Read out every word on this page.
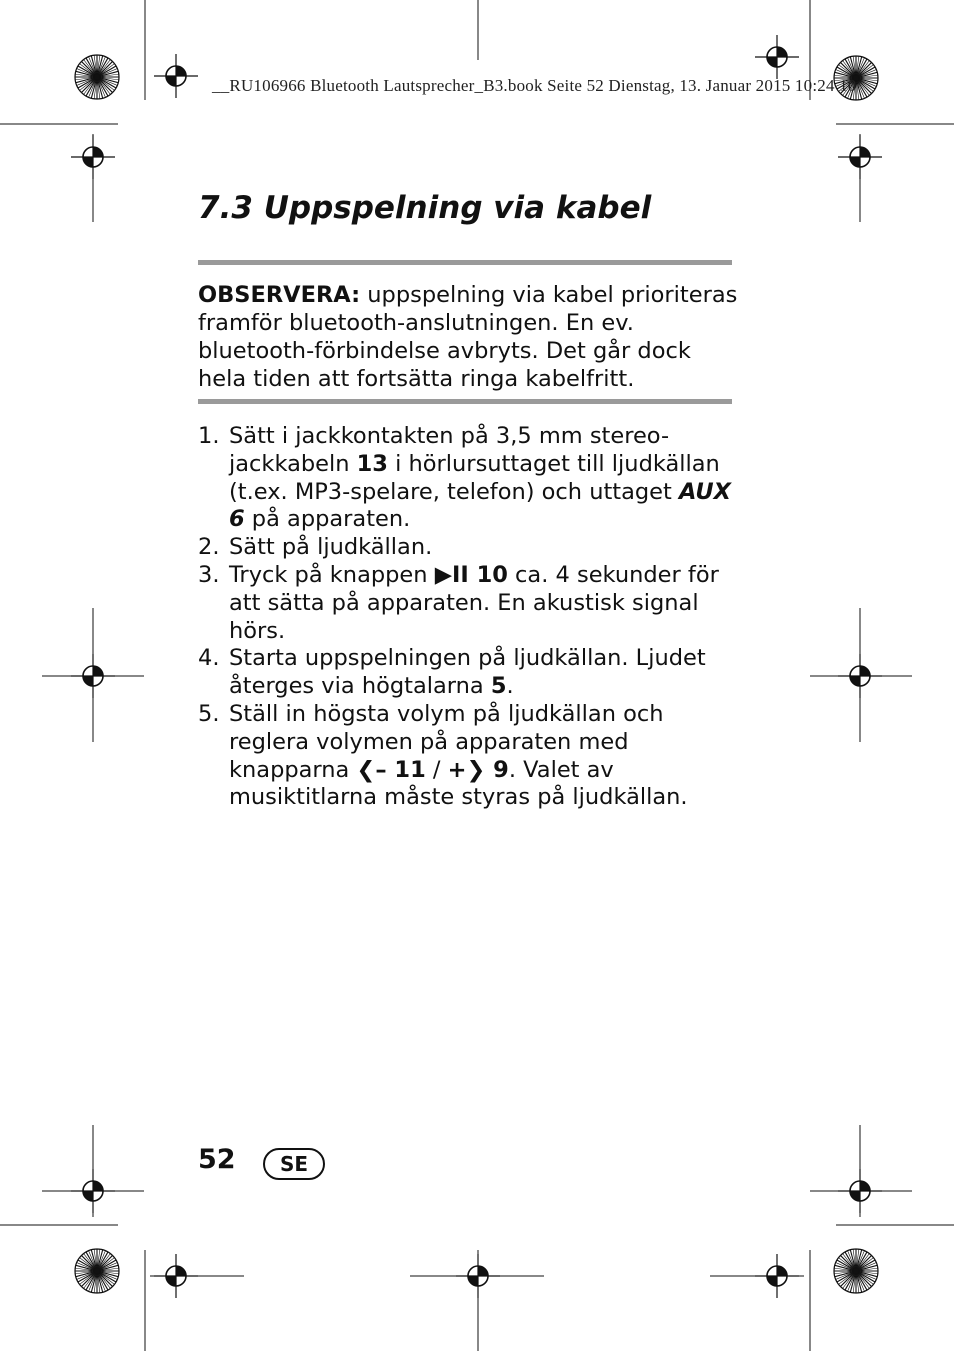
__RU106966 Bluetooth Lautsprecher_B3.book Seite 52 Dienstag, 13. Januar 2015 10:24 10
7.3 Uppspelning via kabel
OBSERVERA: uppspelning via kabel prioriteras framför bluetooth-anslutningen. En ev. bluetooth-förbindelse avbryts. Det går dock hela tiden att fortsätta ringa kabelfritt.
1. Sätt i jackkontakten på 3,5 mm stereo-jackkabeln 13 i hörlursuttaget till ljudkällan (t.ex. MP3-spelare, telefon) och uttaget AUX 6 på apparaten.
2. Sätt på ljudkällan.
3. Tryck på knappen ▶II 10 ca. 4 sekunder för att sätta på apparaten. En akustisk signal hörs.
4. Starta uppspelningen på ljudkällan. Ljudet återges via högtalarna 5.
5. Ställ in högsta volym på ljudkällan och reglera volymen på apparaten med knapparna ❮– 11 / +❯ 9. Valet av musiktitlarna måste styras på ljudkällan.
52	SE
